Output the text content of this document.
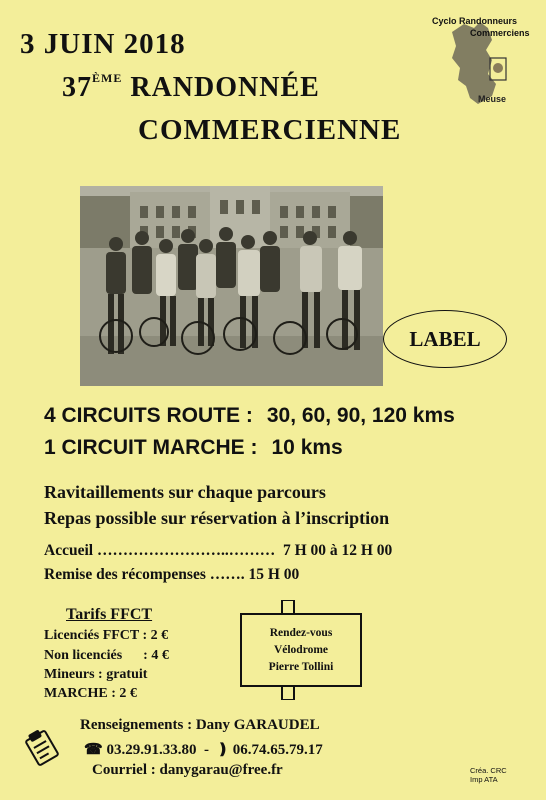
3 JUIN 2018
37ÈME RANDONNÉE
COMMERCIENNE
Meuse
Cyclo Randonneurs
Commerciens
LABEL
4 CIRCUITS ROUTE : 30, 60, 90, 120 kms
1 CIRCUIT MARCHE : 10 kms
Ravitaillements sur chaque parcours
Repas possible sur réservation à l’inscription
Accueil ……………………..………  7 H 00 à 12 H 00
Remise des récompenses ……. 15 H 00
Tarifs FFCT
Licenciés FFCT : 2 €
Non licenciés      : 4 €
Mineurs : gratuit
MARCHE : 2 €
Rendez-vous
Vélodrome
Pierre Tollini
Renseignements : Dany GARAUDEL
☎ 03.29.91.33.80 - ❫ 06.74.65.79.17
Courriel : danygarau@free.fr	Créa. CRC
Imp ATA
